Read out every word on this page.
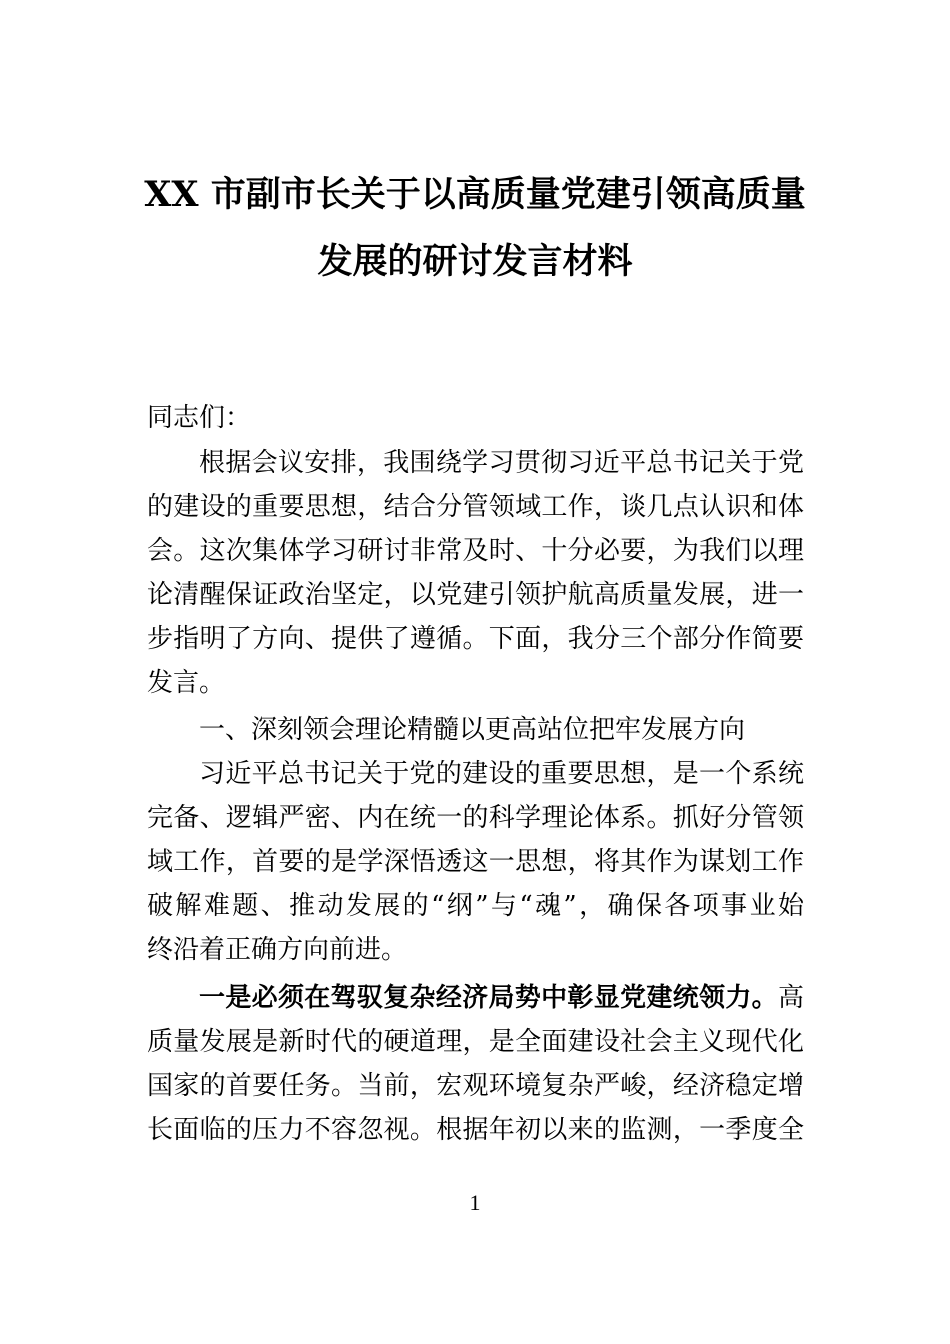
XX 市副市长关于以高质量党建引领高质量
发展的研讨发言材料
同志们：
根据会议安排，我围绕学习贯彻习近平总书记关于党
的建设的重要思想，结合分管领域工作，谈几点认识和体
会。这次集体学习研讨非常及时、十分必要，为我们以理
论清醒保证政治坚定，以党建引领护航高质量发展，进一
步指明了方向、提供了遵循。下面，我分三个部分作简要
发言。
一、深刻领会理论精髓以更高站位把牢发展方向
习近平总书记关于党的建设的重要思想，是一个系统
完备、逻辑严密、内在统一的科学理论体系。抓好分管领
域工作，首要的是学深悟透这一思想，将其作为谋划工作
破解难题、推动发展的“纲”与“魂”，确保各项事业始
终沿着正确方向前进。
一是必须在驾驭复杂经济局势中彰显党建统领力。高
质量发展是新时代的硬道理，是全面建设社会主义现代化
国家的首要任务。当前，宏观环境复杂严峻，经济稳定增
长面临的压力不容忽视。根据年初以来的监测，一季度全
1
